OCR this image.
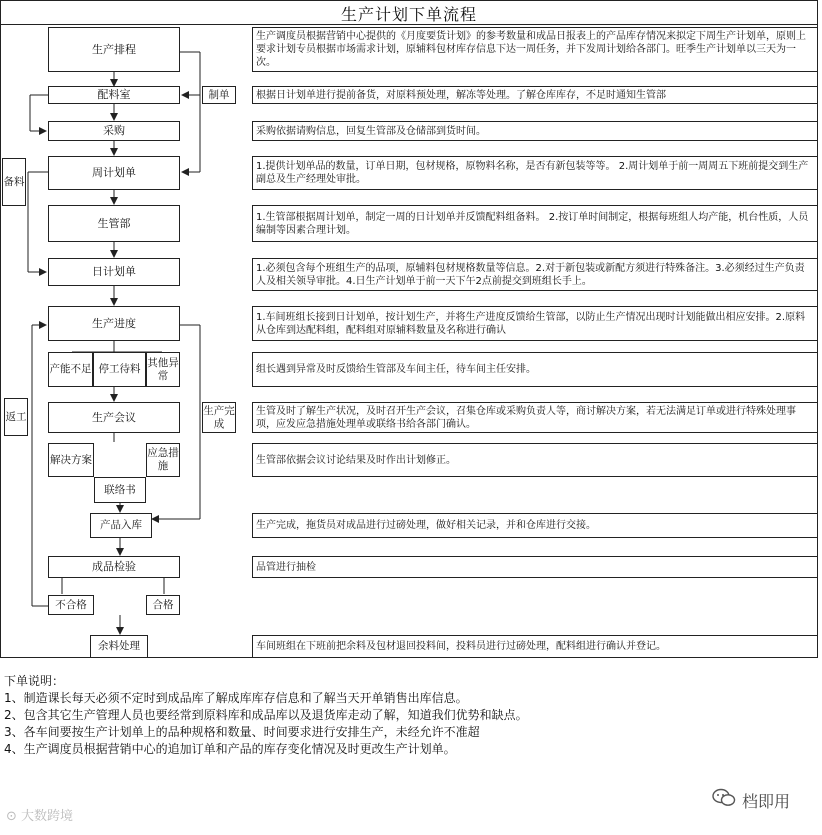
生产计划下单流程
生产排程
配料室
采购
周计划单
生管部
日计划单
生产进度
产能不足 停工待料
其他异常
生产会议
解决方案
应急措施
联络书
产品入库
成品检验
不合格	合格
余料处理
制单
备料
返工	生产完成
生产调度员根据营销中心提供的《月度要货计划》的参考数量和成品日报表上的产品库存情况来拟定下周生产计划单，原则上要求计划专员根据市场需求计划，原辅料包材库存信息下达一周任务，并下发周计划给各部门。旺季生产计划单以三天为一次。
根据日计划单进行提前备货，对原料预处理，解冻等处理。了解仓库库存，不足时通知生管部
采购依据请购信息，回复生管部及仓储部到货时间。
1.提供计划单品的数量，订单日期，包材规格，原物料名称，是否有新包装等等。 2.周计划单于前一周周五下班前提交到生产副总及生产经理处审批。
1.生管部根据周计划单，制定一周的日计划单并反馈配料组备料。 2.按订单时间制定，根据每班组人均产能，机台性质，人员编制等因素合理计划。
1.必须包含每个班组生产的品项，原辅料包材规格数量等信息。2.对于新包装或新配方须进行特殊备注。3.必须经过生产负责人及相关领导审批。4.日生产计划单于前一天下午2点前提交到班组长手上。
1.车间班组长接到日计划单，按计划生产，并将生产进度反馈给生管部，以防止生产情况出现时计划能做出相应安排。2.原料从仓库到达配料组，配料组对原辅料数量及名称进行确认
组长遇到异常及时反馈给生管部及车间主任，待车间主任安排。
生管及时了解生产状况，及时召开生产会议，召集仓库或采购负责人等，商讨解决方案，若无法满足订单或进行特殊处理事项，应发应急措施处理单或联络书给各部门确认。
生管部依据会议讨论结果及时作出计划修正。
生产完成，拖货员对成品进行过磅处理，做好相关记录，并和仓库进行交接。
品管进行抽检
车间班组在下班前把余料及包材退回投料间，投料员进行过磅处理，配料组进行确认并登记。
下单说明：
1、制造课长每天必须不定时到成品库了解成库库存信息和了解当天开单销售出库信息。
2、包含其它生产管理人员也要经常到原料库和成品库以及退货库走动了解，知道我们优势和缺点。
3、各车间要按生产计划单上的品种规格和数量、时间要求进行安排生产，未经允许不准超
4、生产调度员根据营销中心的追加订单和产品的库存变化情况及时更改生产计划单。
⊙ 大数跨境
档即用
